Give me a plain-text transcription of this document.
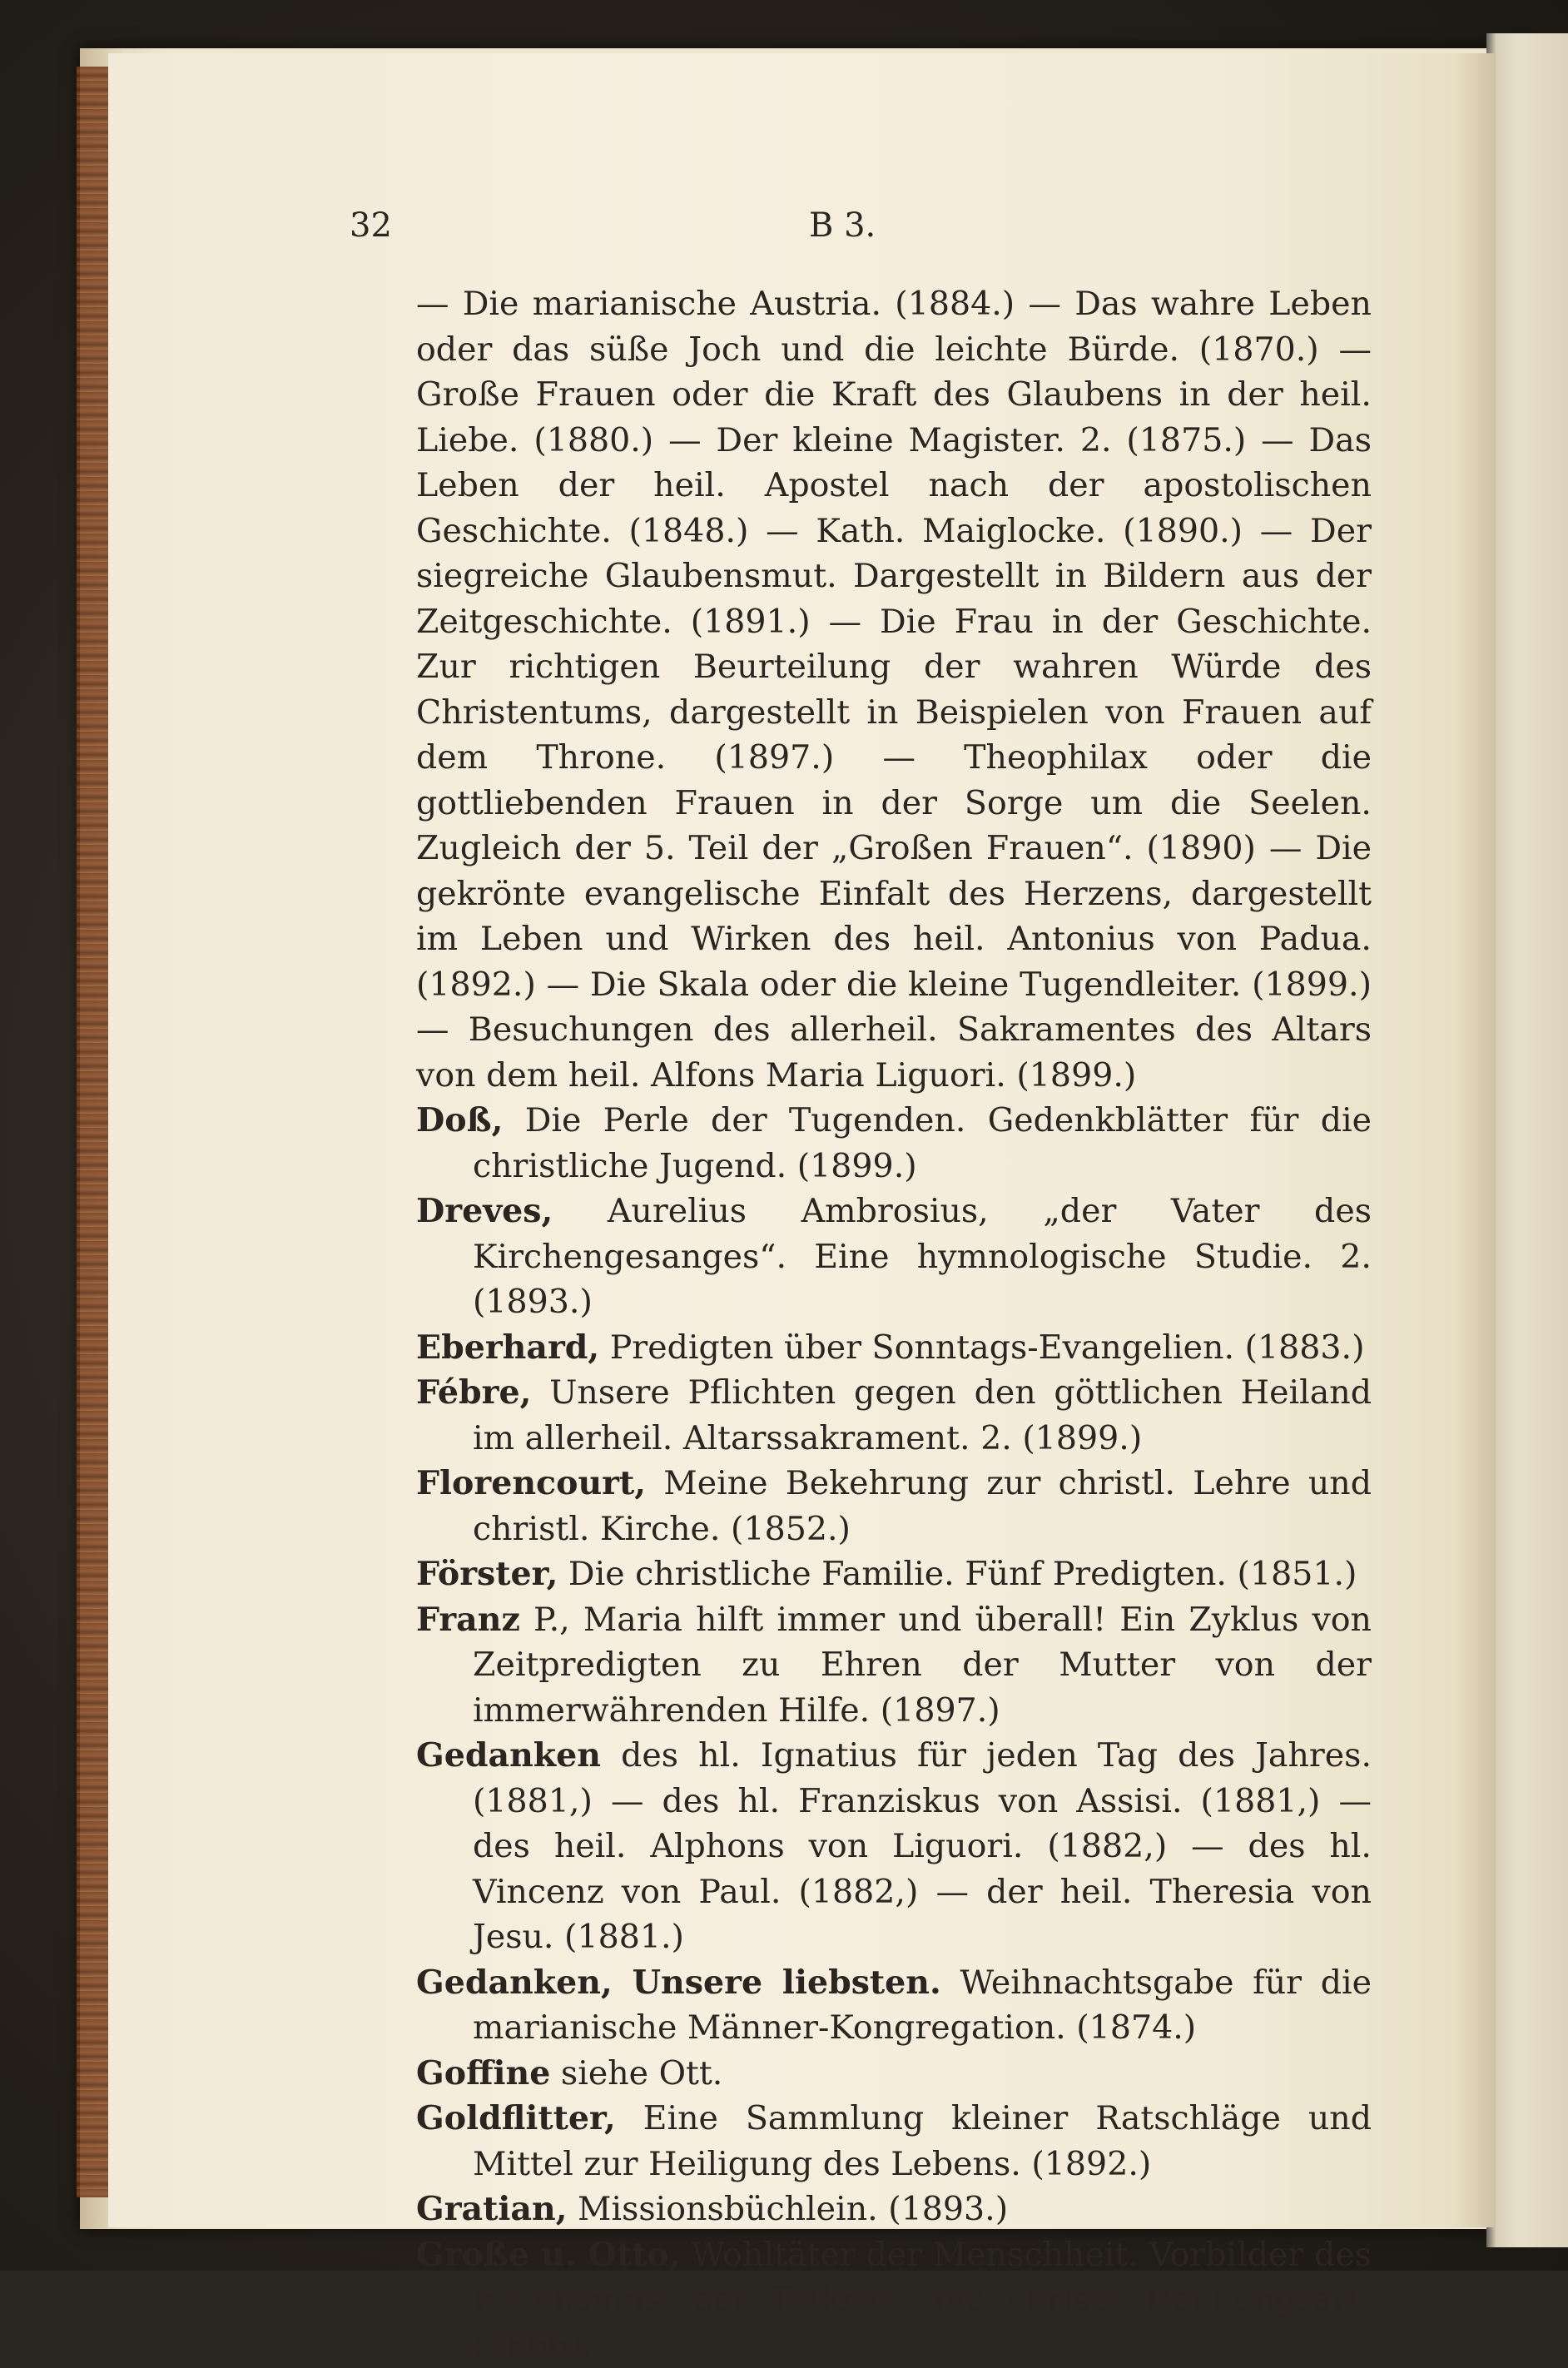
32	B 3.

— Die marianische Austria. (1884.) — Das wahre Leben oder das süße Joch und die leichte Bürde. (1870.) — Große Frauen oder die Kraft des Glaubens in der heil. Liebe. (1880.) — Der kleine Magister. 2. (1875.) — Das Leben der heil. Apostel nach der apostolischen Geschichte. (1848.) — Kath. Maiglocke. (1890.) — Der siegreiche Glaubensmut. Dargestellt in Bildern aus der Zeitgeschichte. (1891.) — Die Frau in der Geschichte. Zur richtigen Beurteilung der wahren Würde des Christentums, dargestellt in Beispielen von Frauen auf dem Throne. (1897.) — Theophilax oder die gottliebenden Frauen in der Sorge um die Seelen. Zugleich der 5. Teil der „Großen Frauen“. (1890) — Die gekrönte evangelische Einfalt des Herzens, dargestellt im Leben und Wirken des heil. Antonius von Padua. (1892.) — Die Skala oder die kleine Tugendleiter. (1899.) — Besuchungen des allerheil. Sakramentes des Altars von dem heil. Alfons Maria Liguori. (1899.)

Doß, Die Perle der Tugenden. Gedenkblätter für die christliche Jugend. (1899.)

Dreves, Aurelius Ambrosius, „der Vater des Kirchengesanges“. Eine hymnologische Studie. 2. (1893.)

Eberhard, Predigten über Sonntags-Evangelien. (1883.)

Fébre, Unsere Pflichten gegen den göttlichen Heiland im allerheil. Altarssakrament. 2. (1899.)

Florencourt, Meine Bekehrung zur christl. Lehre und christl. Kirche. (1852.)

Förster, Die christliche Familie. Fünf Predigten. (1851.)

Franz P., Maria hilft immer und überall! Ein Zyklus von Zeitpredigten zu Ehren der Mutter von der immerwährenden Hilfe. (1897.)

Gedanken des hl. Ignatius für jeden Tag des Jahres. (1881,) — des hl. Franziskus von Assisi. (1881,) — des heil. Alphons von Liguori. (1882,) — des hl. Vincenz von Paul. (1882,) — der heil. Theresia von Jesu. (1881.)

Gedanken, Unsere liebsten. Weihnachtsgabe für die marianische Männer-Kongregation. (1874.)

Goffine siehe Ott.

Goldflitter, Eine Sammlung kleiner Ratschläge und Mittel zur Heiligung des Lebens. (1892.)

Gratian, Missionsbüchlein. (1893.)

Große u. Otto, Wohltäter der Menschheit. Vorbilder des H) chsinns, der Tatkraft und christl. Denkungsart. (1866).
